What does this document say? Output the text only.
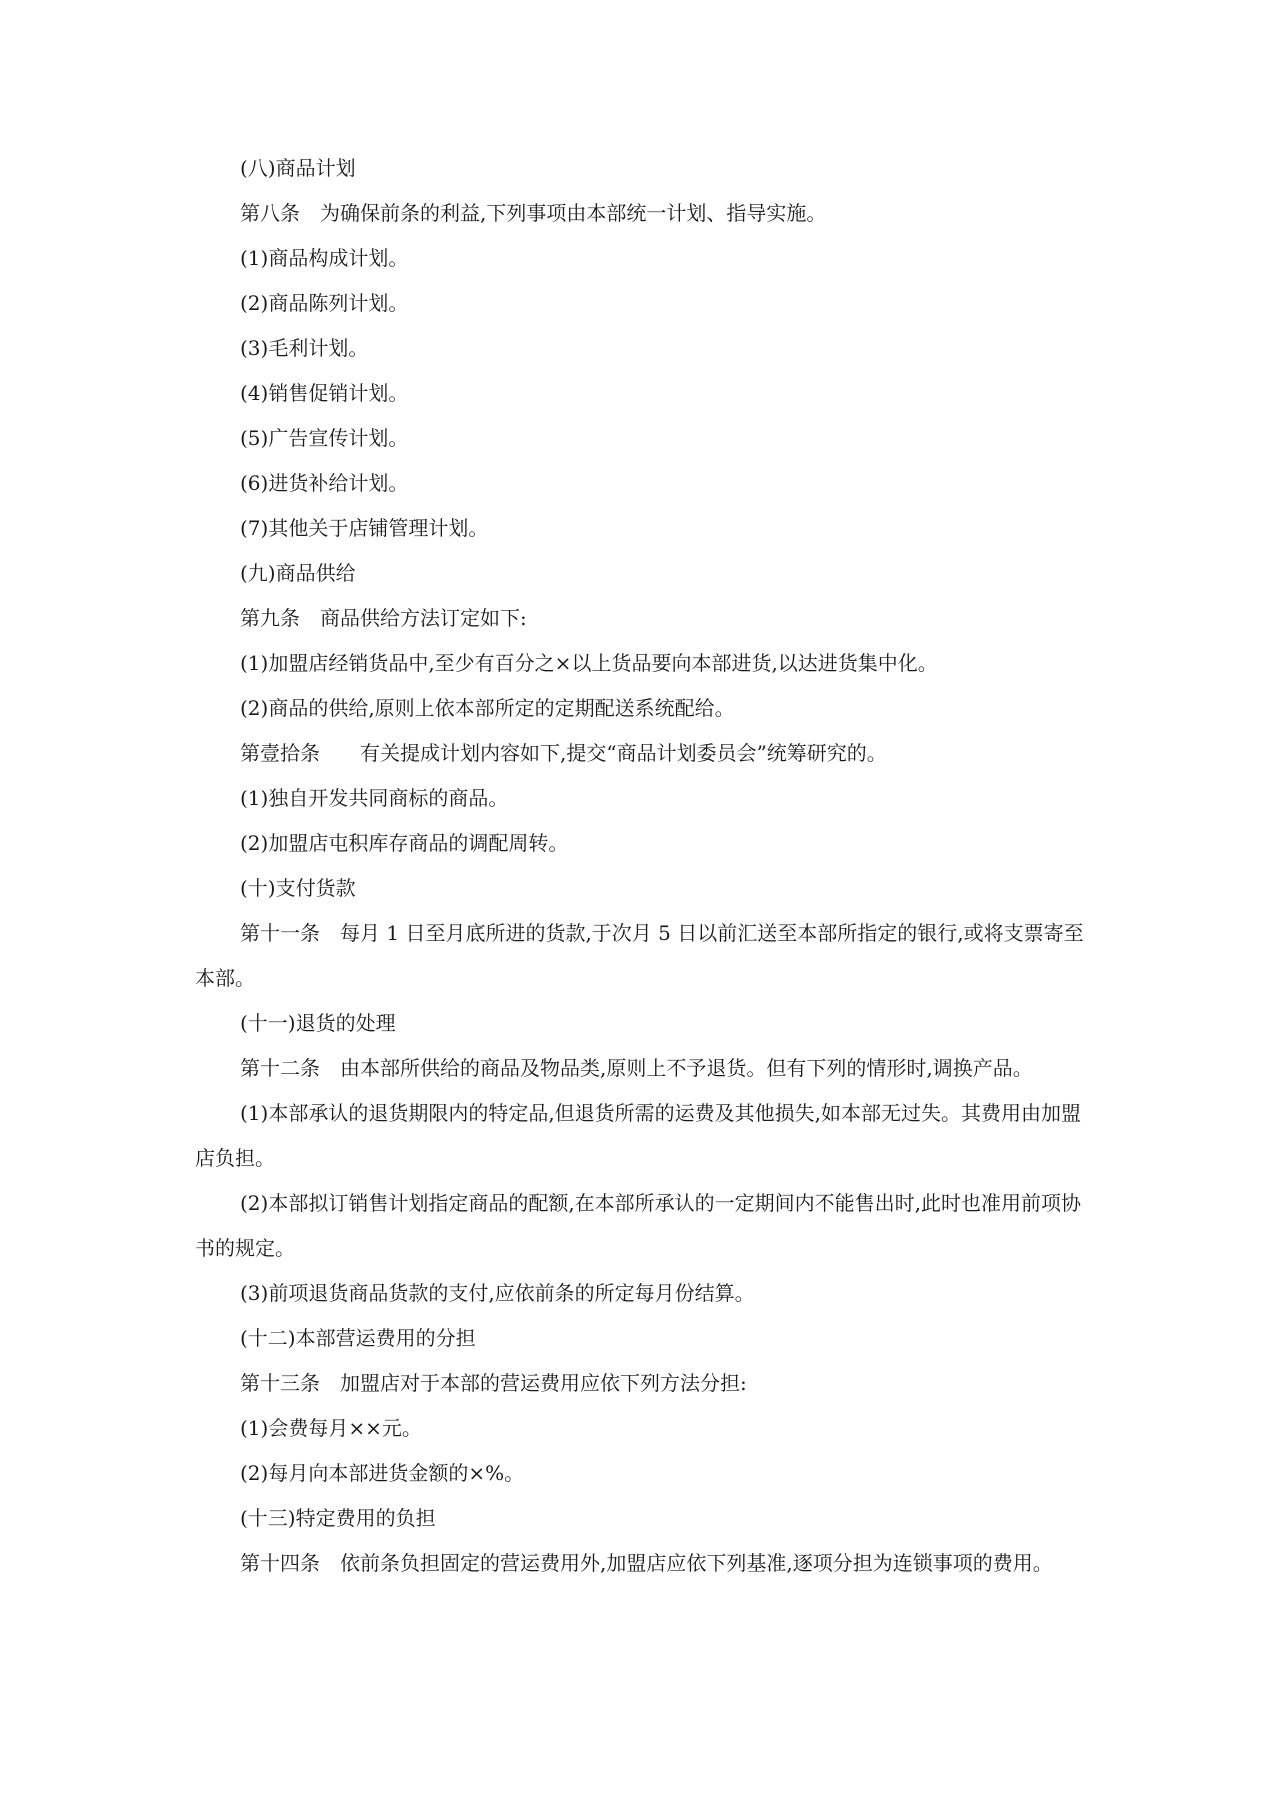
(八)商品计划

第八条　为确保前条的利益,下列事项由本部统一计划、指导实施。

(1)商品构成计划。

(2)商品陈列计划。

(3)毛利计划。

(4)销售促销计划。

(5)广告宣传计划。

(6)进货补给计划。

(7)其他关于店铺管理计划。

(九)商品供给

第九条　商品供给方法订定如下:

(1)加盟店经销货品中,至少有百分之×以上货品要向本部进货,以达进货集中化。

(2)商品的供给,原则上依本部所定的定期配送系统配给。

第壹拾条　　有关提成计划内容如下,提交“商品计划委员会”统筹研究的。

(1)独自开发共同商标的商品。

(2)加盟店屯积库存商品的调配周转。

(十)支付货款

第十一条　每月 1 日至月底所进的货款,于次月 5 日以前汇送至本部所指定的银行,或将支票寄至本部。

(十一)退货的处理

第十二条　由本部所供给的商品及物品类,原则上不予退货。但有下列的情形时,调换产品。

(1)本部承认的退货期限内的特定品,但退货所需的运费及其他损失,如本部无过失。其费用由加盟店负担。

(2)本部拟订销售计划指定商品的配额,在本部所承认的一定期间内不能售出时,此时也准用前项协书的规定。

(3)前项退货商品货款的支付,应依前条的所定每月份结算。

(十二)本部营运费用的分担

第十三条　加盟店对于本部的营运费用应依下列方法分担:

(1)会费每月××元。

(2)每月向本部进货金额的×%。

(十三)特定费用的负担

第十四条　依前条负担固定的营运费用外,加盟店应依下列基准,逐项分担为连锁事项的费用。
